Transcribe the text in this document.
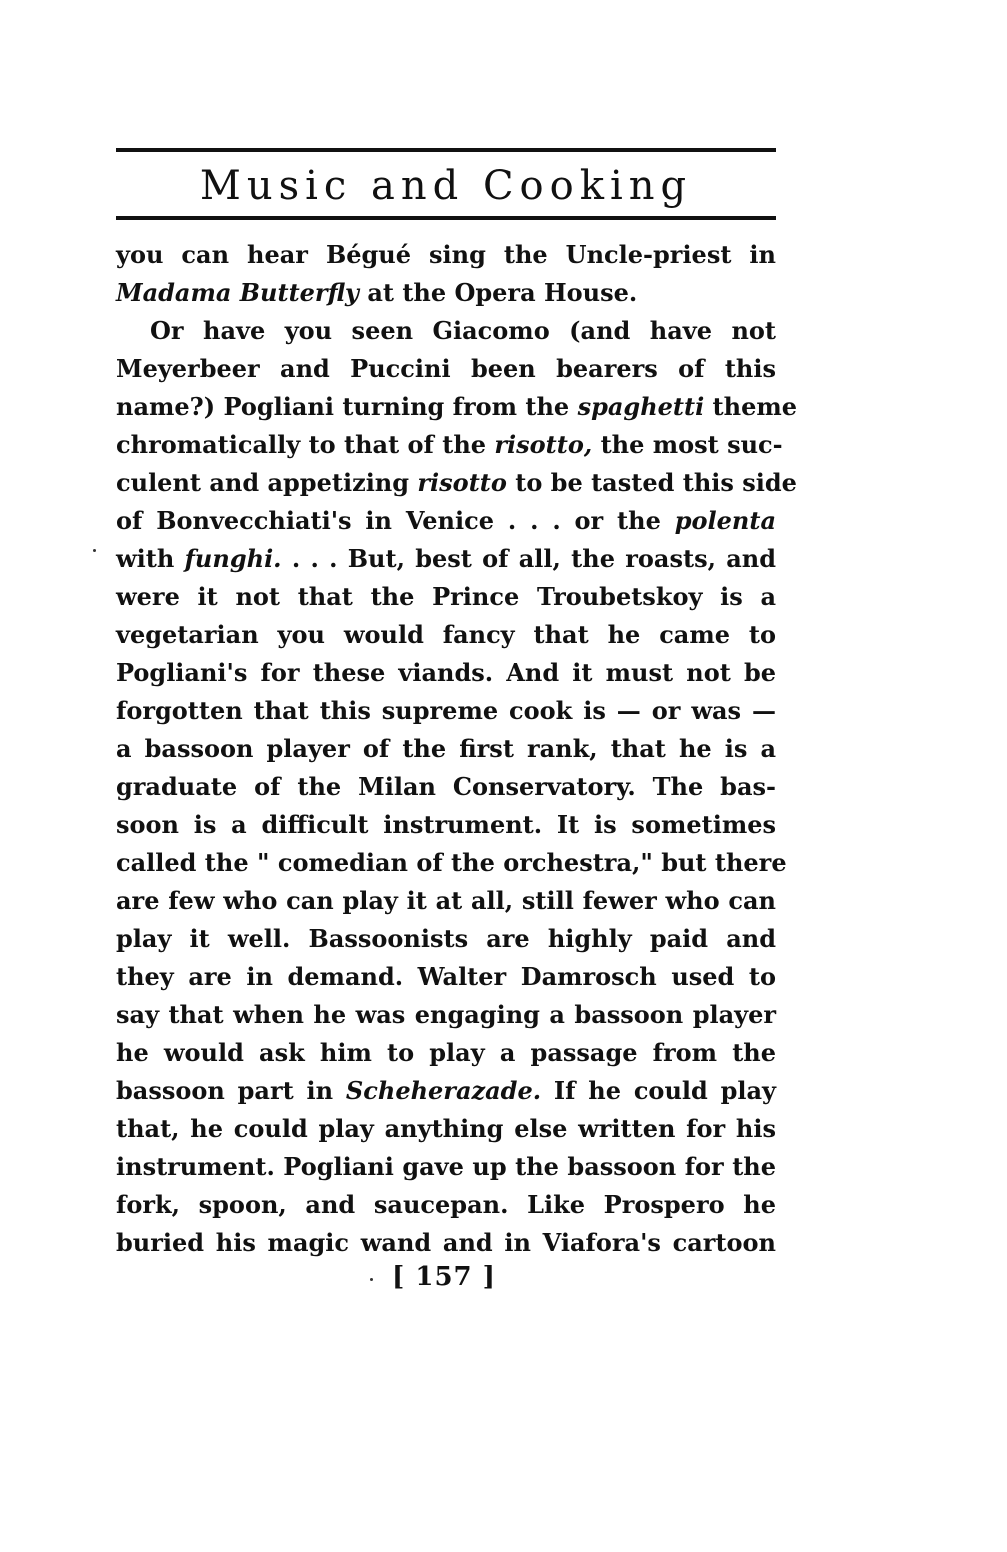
Music and Cooking
you can hear Bégué sing the Uncle-priest in
Madama Butterfly at the Opera House.
Or have you seen Giacomo (and have not
Meyerbeer and Puccini been bearers of this
name?) Pogliani turning from the spaghetti theme
chromatically to that of the risotto, the most suc-
culent and appetizing risotto to be tasted this side
of Bonvecchiati's in Venice . . . or the polenta
with funghi. . . . But, best of all, the roasts, and
were it not that the Prince Troubetskoy is a
vegetarian you would fancy that he came to
Pogliani's for these viands. And it must not be
forgotten that this supreme cook is — or was —
a bassoon player of the first rank, that he is a
graduate of the Milan Conservatory. The bas-
soon is a difficult instrument. It is sometimes
called the " comedian of the orchestra," but there
are few who can play it at all, still fewer who can
play it well. Bassoonists are highly paid and
they are in demand. Walter Damrosch used to
say that when he was engaging a bassoon player
he would ask him to play a passage from the
bassoon part in Scheherazade. If he could play
that, he could play anything else written for his
instrument. Pogliani gave up the bassoon for the
fork, spoon, and saucepan. Like Prospero he
buried his magic wand and in Viafora's cartoon
[ 157 ]
